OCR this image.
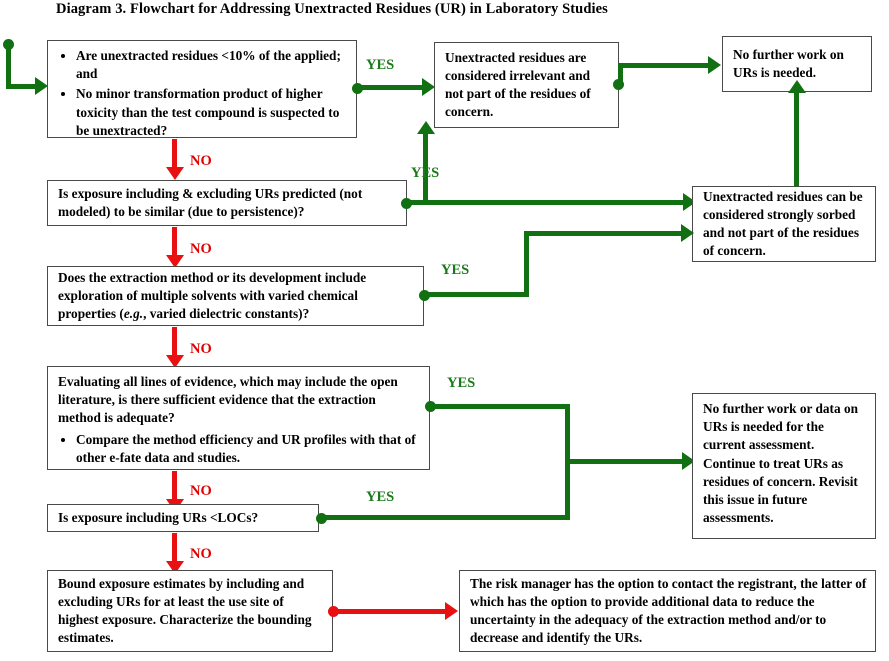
Diagram 3. Flowchart for Addressing Unextracted Residues (UR) in Laboratory Studies
• Are unextracted residues <10% of the applied; and
• No minor transformation product of higher toxicity than the test compound is suspected to be unextracted?
YES
NO

Unextracted residues are considered irrelevant and not part of the residues of concern.

No further work on URs is needed.

Is exposure including & excluding URs predicted (not modeled) to be similar (due to persistence)?

YES
NO

Unextracted residues can be considered strongly sorbed and not part of the residues of concern.

Does the extraction method or its development include exploration of multiple solvents with varied chemical properties (e.g., varied dielectric constants)?

YES
NO

Evaluating all lines of evidence, which may include the open literature, is there sufficient evidence that the extraction method is adequate?

• Compare the method efficiency and UR profiles with that of other e-fate data and studies.
YES
NO

No further work or data on URs is needed for the current assessment. Continue to treat URs as residues of concern. Revisit this issue in future assessments.

Is exposure including URs <LOCs?

YES
NO

Bound exposure estimates by including and excluding URs for at least the use site of highest exposure. Characterize the bounding estimates.

The risk manager has the option to contact the registrant, the latter of which has the option to provide additional data to reduce the uncertainty in the adequacy of the extraction method and/or to decrease and identify the URs.
